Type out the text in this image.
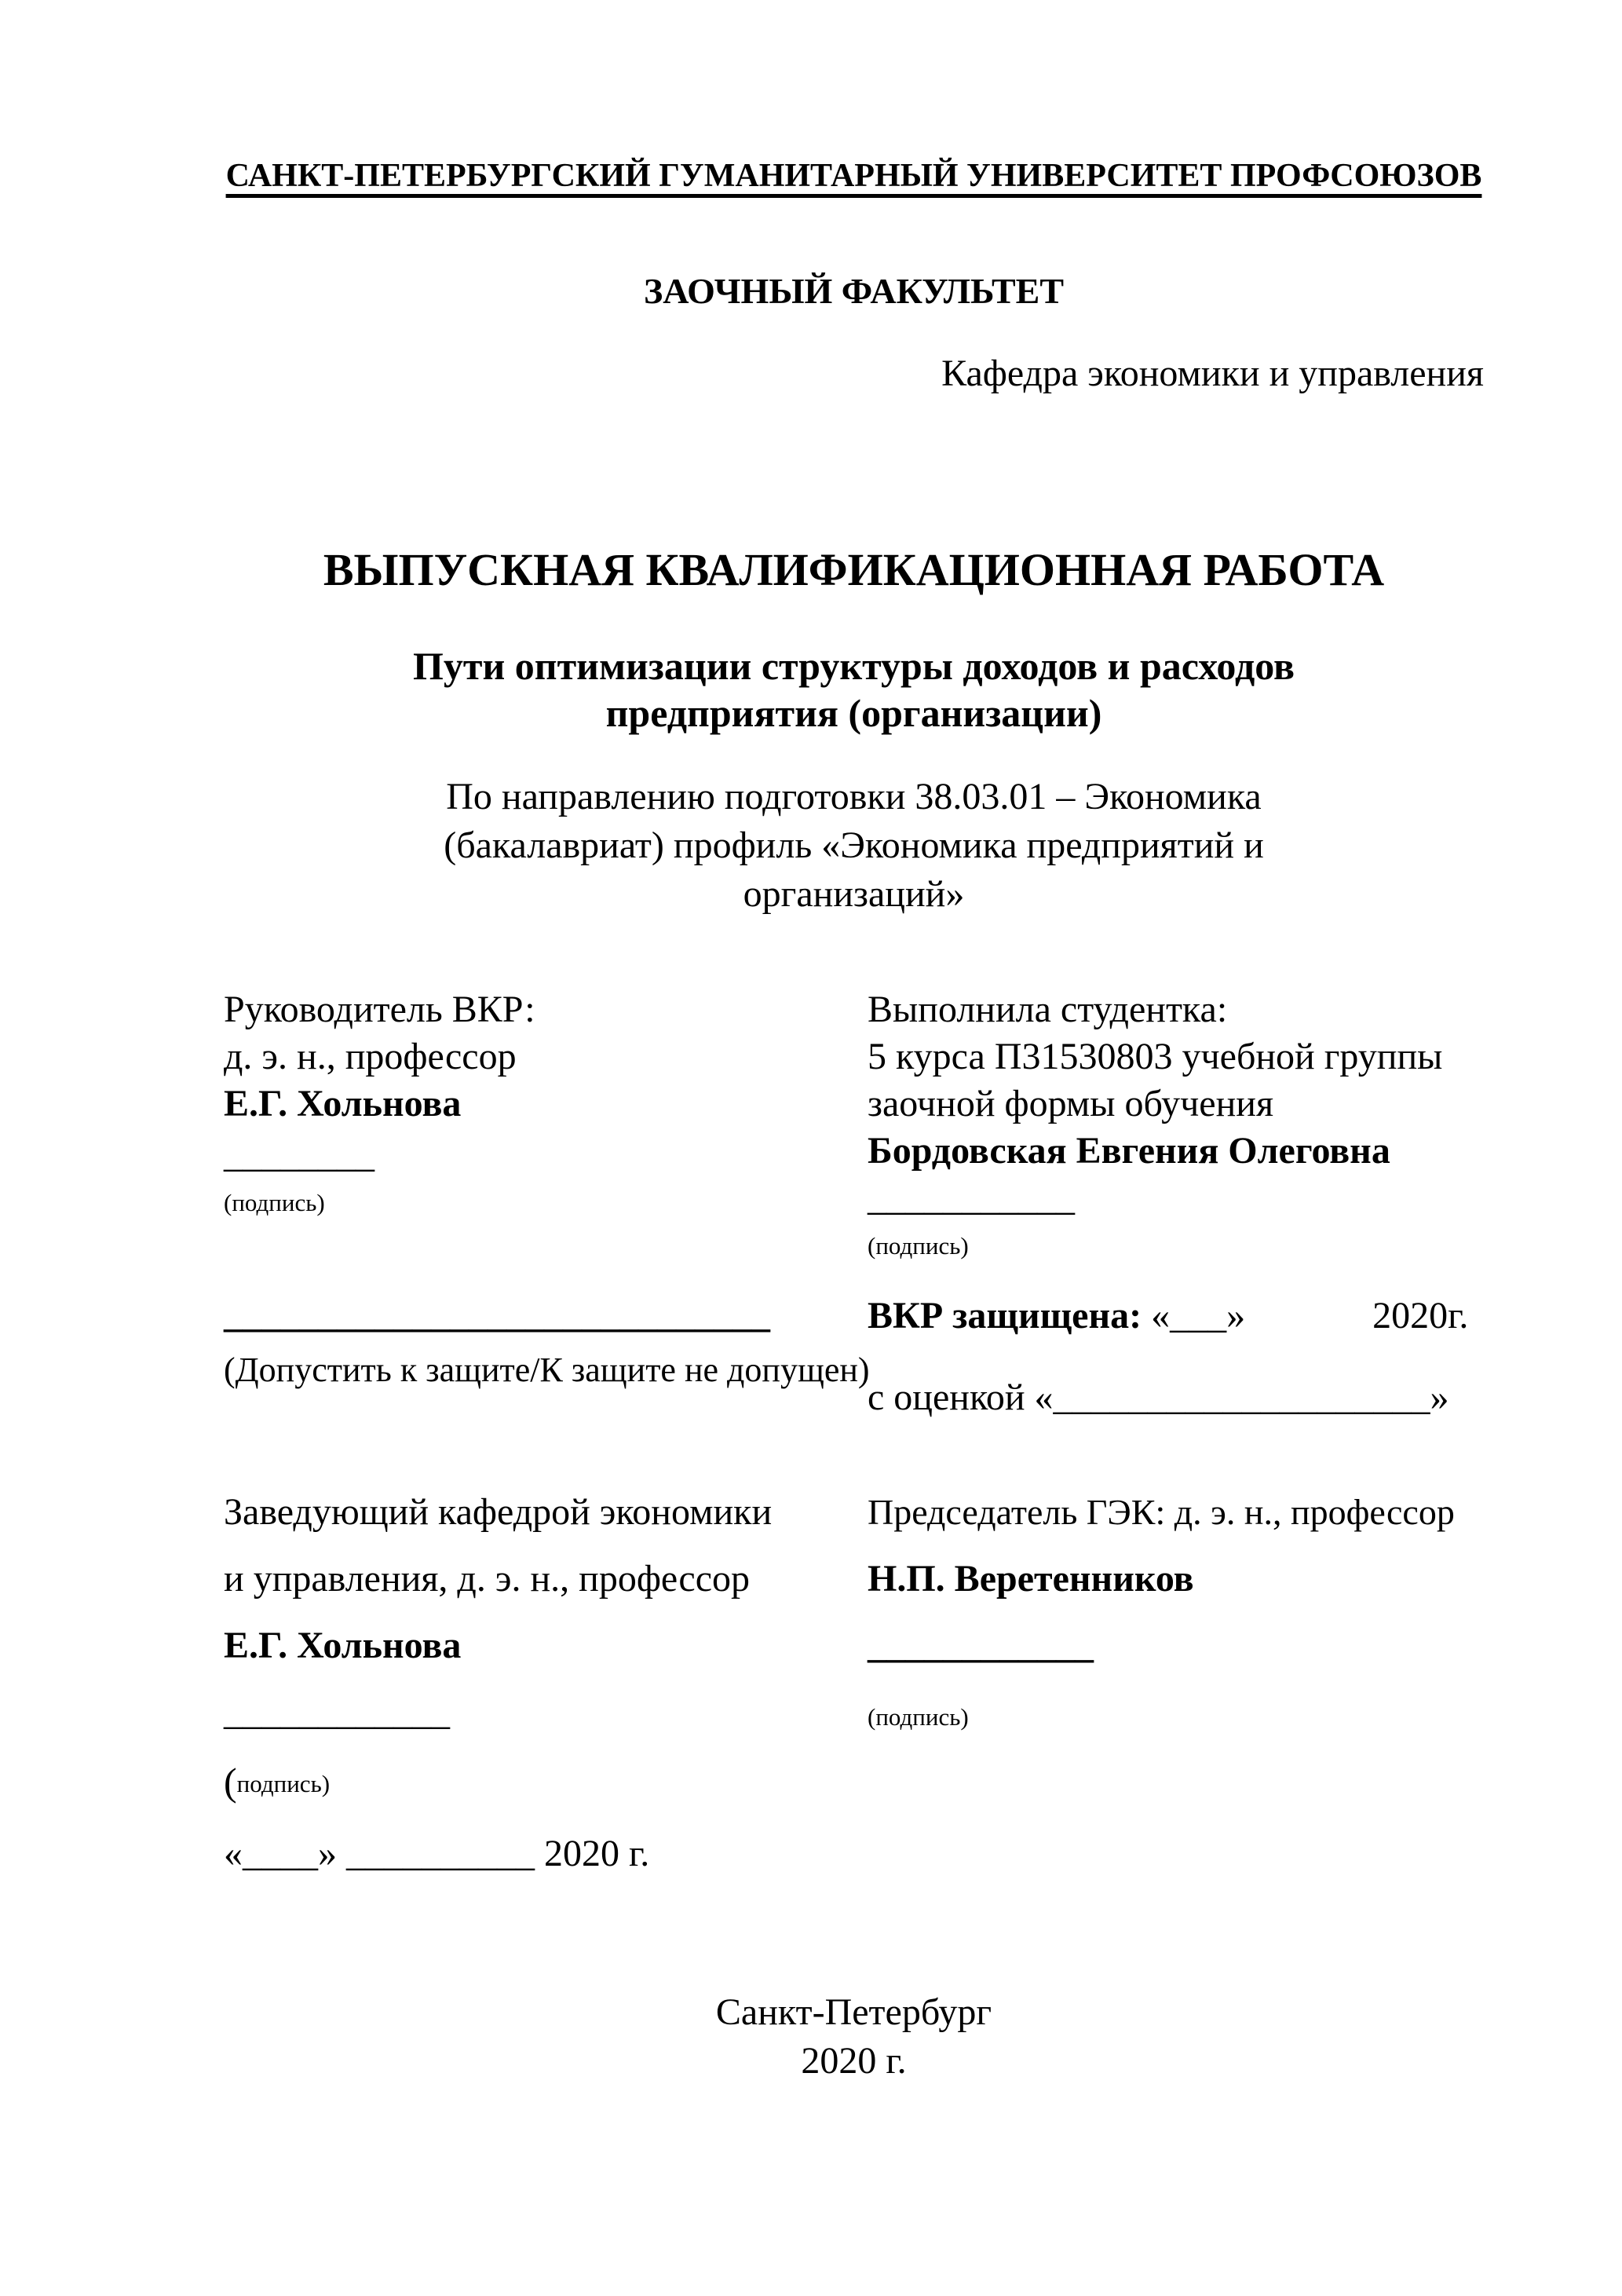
САНКТ-ПЕТЕРБУРГСКИЙ ГУМАНИТАРНЫЙ УНИВЕРСИТЕТ ПРОФСОЮЗОВ
ЗАОЧНЫЙ ФАКУЛЬТЕТ
Кафедра экономики и управления
ВЫПУСКНАЯ КВАЛИФИКАЦИОННАЯ РАБОТА
Пути оптимизации структуры доходов и расходов
предприятия (организации)
По направлению подготовки 38.03.01 – Экономика
(бакалавриат) профиль «Экономика предприятий и
организаций»
Руководитель ВКР:
д. э. н., профессор
Е.Г. Хольнова
________
(подпись)
Выполнила студентка:
5 курса П31530803 учебной группы
заочной формы обучения
Бордовская Евгения Олеговна
___________
(подпись)
_____________________________
(Допустить к защите/К защите не допущен)
ВКР защищена: «___»	2020г.
с оценкой «____________________»
Заведующий кафедрой экономики
и управления, д. э. н., профессор
Е.Г. Хольнова
____________
(подпись)
«____» __________ 2020 г.
Председатель ГЭК: д. э. н., профессор
Н.П. Веретенников
____________
(подпись)
Санкт-Петербург
2020 г.
